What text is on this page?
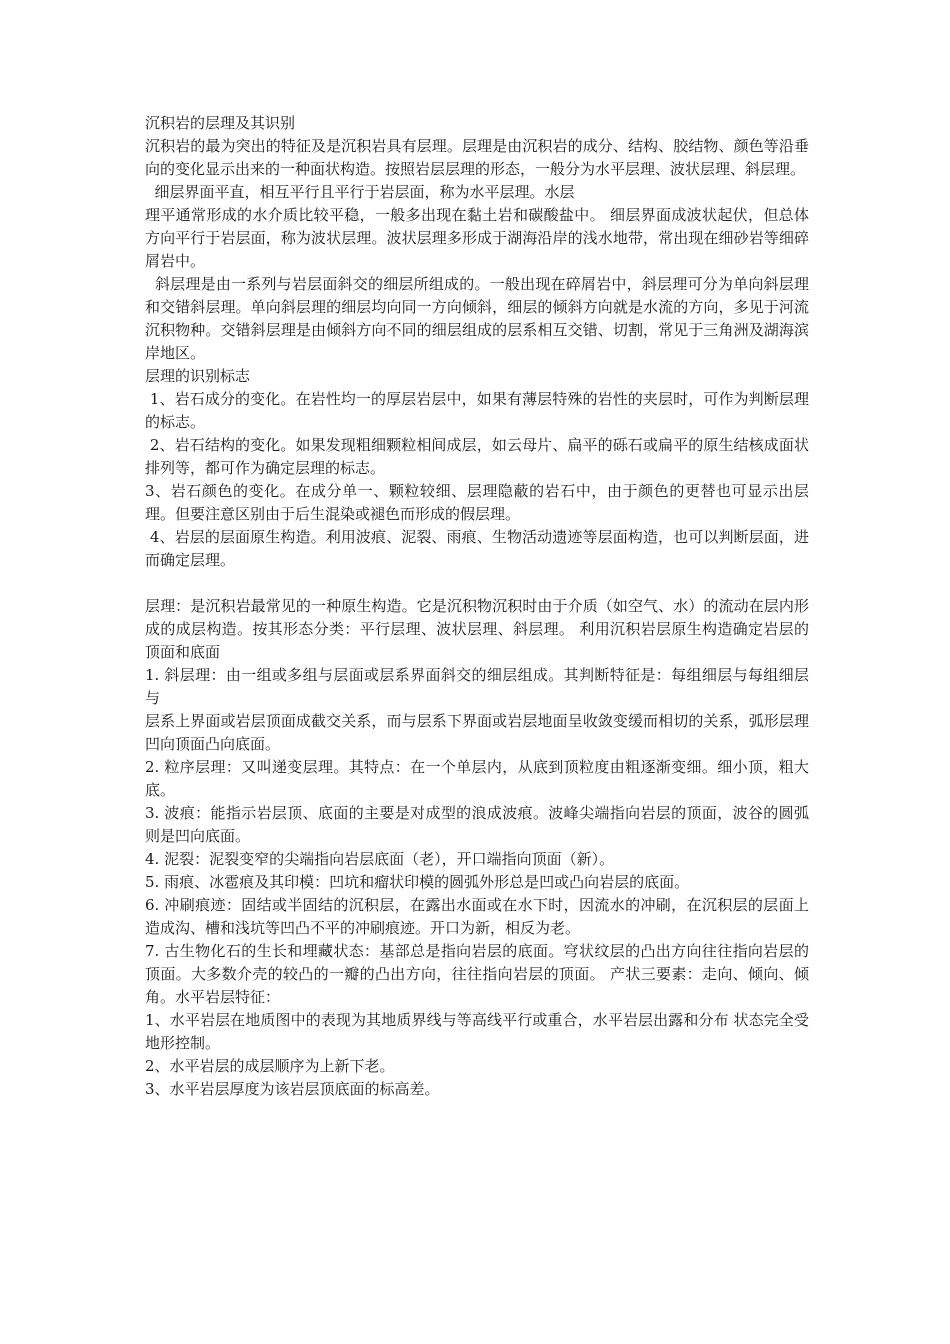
沉积岩的层理及其识别

沉积岩的最为突出的特征及是沉积岩具有层理。层理是由沉积岩的成分、结构、胶结物、颜色等沿垂向的变化显示出来的一种面状构造。按照岩层层理的形态，一般分为水平层理、波状层理、斜层理。

细层界面平直，相互平行且平行于岩层面，称为水平层理。水层

理平通常形成的水介质比较平稳，一般多出现在黏土岩和碳酸盐中。 细层界面成波状起伏，但总体方向平行于岩层面，称为波状层理。波状层理多形成于湖海沿岸的浅水地带，常出现在细砂岩等细碎屑岩中。

斜层理是由一系列与岩层面斜交的细层所组成的。一般出现在碎屑岩中，斜层理可分为单向斜层理和交错斜层理。单向斜层理的细层均向同一方向倾斜，细层的倾斜方向就是水流的方向，多见于河流沉积物种。交错斜层理是由倾斜方向不同的细层组成的层系相互交错、切割，常见于三角洲及湖海滨岸地区。

层理的识别标志

1、岩石成分的变化。在岩性均一的厚层岩层中，如果有薄层特殊的岩性的夹层时，可作为判断层理的标志。

2、岩石结构的变化。如果发现粗细颗粒相间成层，如云母片、扁平的砾石或扁平的原生结核成面状排列等，都可作为确定层理的标志。

3、岩石颜色的变化。在成分单一、颗粒较细、层理隐蔽的岩石中，由于颜色的更替也可显示出层理。但要注意区别由于后生混染或褪色而形成的假层理。

4、岩层的层面原生构造。利用波痕、泥裂、雨痕、生物活动遗迹等层面构造，也可以判断层面，进而确定层理。

层理：是沉积岩最常见的一种原生构造。它是沉积物沉积时由于介质（如空气、水）的流动在层内形成的成层构造。按其形态分类：平行层理、波状层理、斜层理。 利用沉积岩层原生构造确定岩层的顶面和底面

1. 斜层理：由一组或多组与层面或层系界面斜交的细层组成。其判断特征是：每组细层与每组细层与

层系上界面或岩层顶面成截交关系，而与层系下界面或岩层地面呈收敛变缓而相切的关系，弧形层理凹向顶面凸向底面。

2. 粒序层理：又叫递变层理。其特点：在一个单层内，从底到顶粒度由粗逐渐变细。细小顶，粗大底。

3. 波痕：能指示岩层顶、底面的主要是对成型的浪成波痕。波峰尖端指向岩层的顶面，波谷的圆弧则是凹向底面。

4. 泥裂：泥裂变窄的尖端指向岩层底面（老），开口端指向顶面（新）。

5. 雨痕、冰雹痕及其印模：凹坑和瘤状印模的圆弧外形总是凹或凸向岩层的底面。

6. 冲刷痕迹：固结或半固结的沉积层，在露出水面或在水下时，因流水的冲刷，在沉积层的层面上造成沟、槽和浅坑等凹凸不平的冲刷痕迹。开口为新，相反为老。

7. 古生物化石的生长和埋藏状态：基部总是指向岩层的底面。穹状纹层的凸出方向往往指向岩层的顶面。大多数介壳的较凸的一瓣的凸出方向，往往指向岩层的顶面。 产状三要素：走向、倾向、倾角。水平岩层特征：

1、水平岩层在地质图中的表现为其地质界线与等高线平行或重合，水平岩层出露和分布 状态完全受地形控制。

2、水平岩层的成层顺序为上新下老。

3、水平岩层厚度为该岩层顶底面的标高差。
